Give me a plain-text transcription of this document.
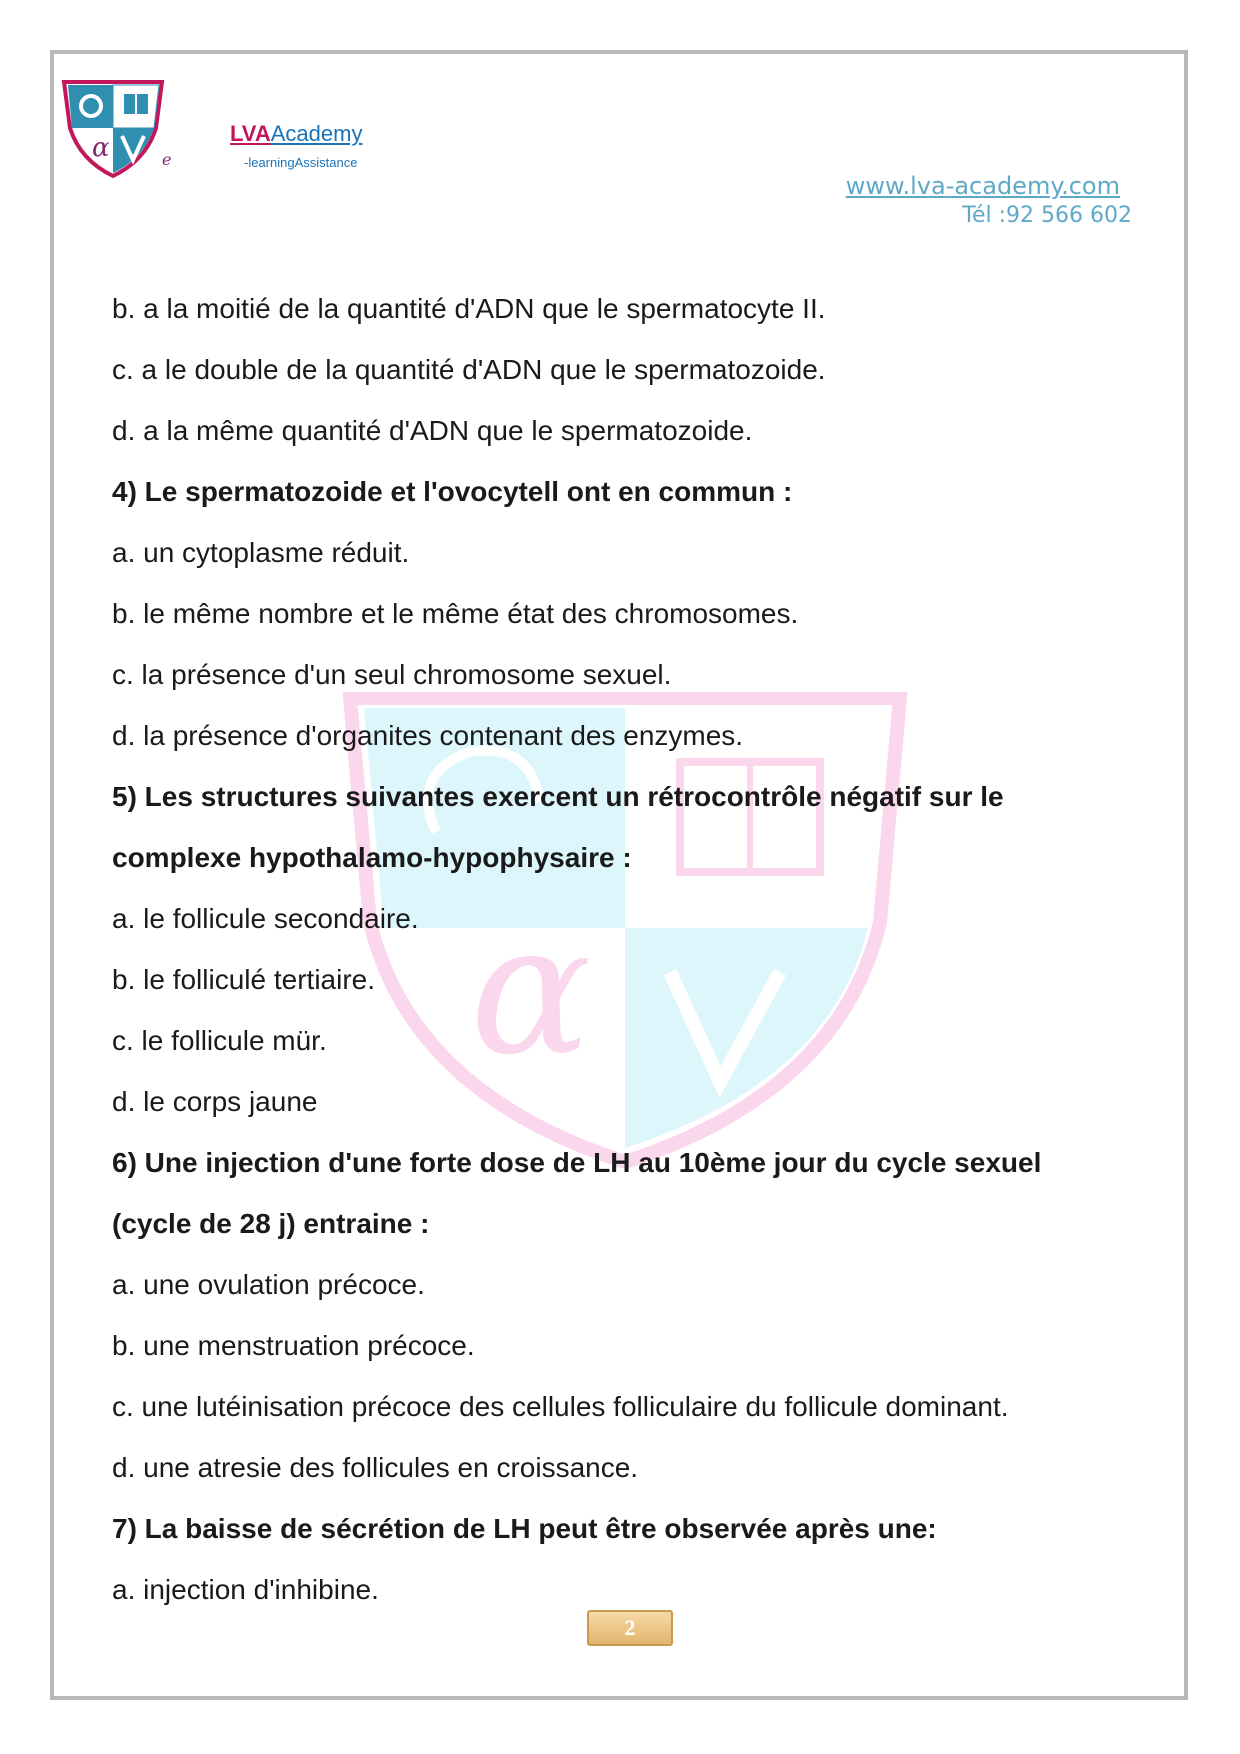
α	e
LVAAcademy
-learningAssistance
www.lva-academy.com
Tél :92 566 602
α
b. a la moitié de la quantité d'ADN que le spermatocyte II.
c. a le double de la quantité d'ADN que le spermatozoide.
d. a la même quantité d'ADN que le spermatozoide.
4) Le spermatozoide et l'ovocytell ont en commun :
a. un cytoplasme réduit.
b. le même nombre et le même état des chromosomes.
c. la présence d'un seul chromosome sexuel.
d. la présence d'organites contenant des enzymes.
5) Les structures suivantes exercent un rétrocontrôle négatif sur le
complexe hypothalamo-hypophysaire :
a. le follicule secondaire.
b. le folliculé tertiaire.
c. le follicule mür.
d. le corps jaune
6) Une injection d'une forte dose de LH au 10ème jour du cycle sexuel
(cycle de 28 j) entraine :
a. une ovulation précoce.
b. une menstruation précoce.
c. une lutéinisation précoce des cellules folliculaire du follicule dominant.
d. une atresie des follicules en croissance.
7) La baisse de sécrétion de LH peut être observée après une:
a. injection d'inhibine.
2
